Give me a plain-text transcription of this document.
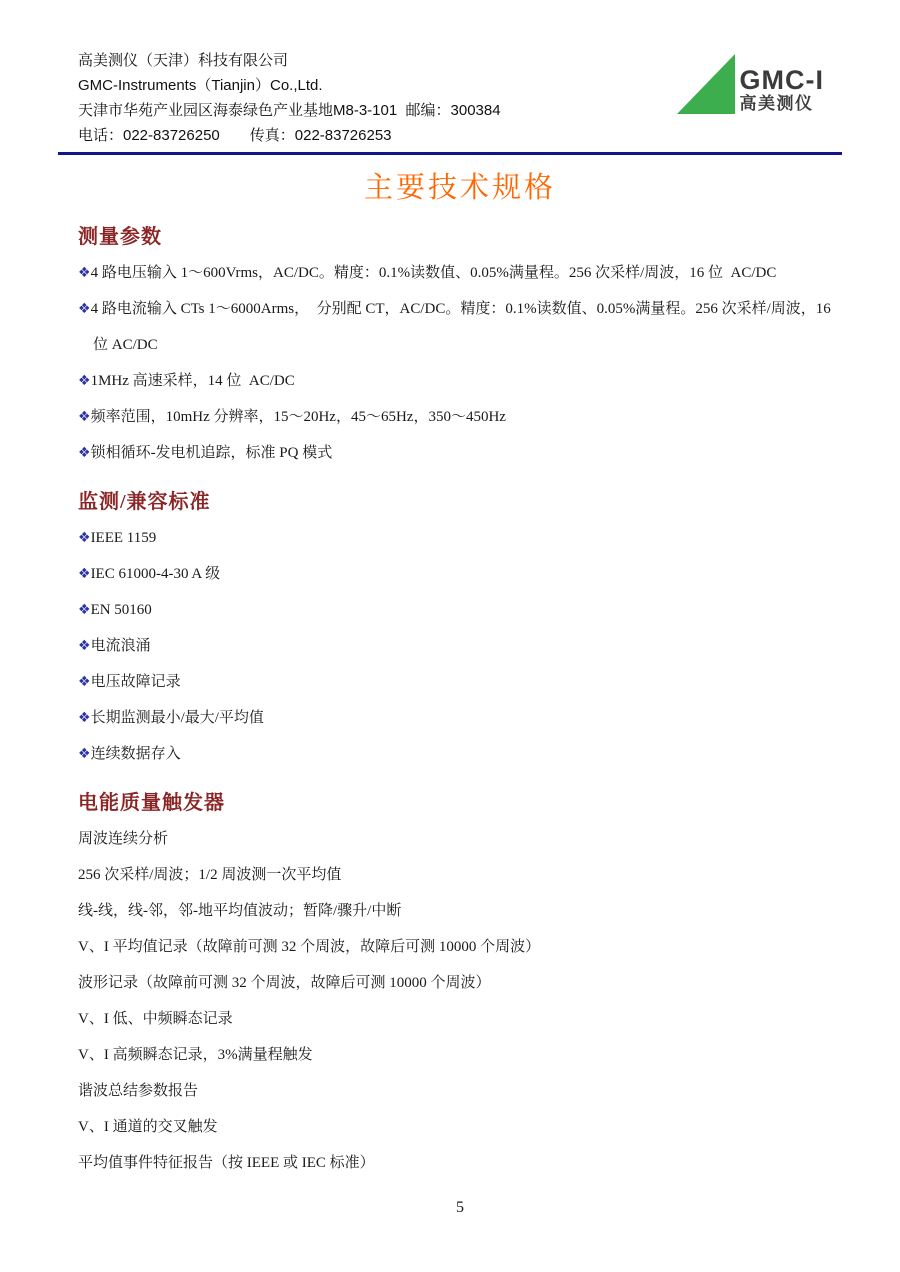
GMC-I
高美测仪
高美测仪（天津）科技有限公司
GMC-Instruments（Tianjin）Co.,Ltd.
天津市华苑产业园区海泰绿色产业基地M8-3-101  邮编：300384
电话：022-83726250　　传真：022-83726253
主要技术规格
测量参数
❖4 路电压输入 1～600Vrms，AC/DC。精度：0.1%读数值、0.05%满量程。256 次采样/周波，16 位  AC/DC
❖4 路电流输入 CTs 1～6000Arms，  分别配 CT，AC/DC。精度：0.1%读数值、0.05%满量程。256 次采样/周波，16 位 AC/DC
❖1MHz 高速采样，14 位  AC/DC
❖频率范围，10mHz 分辨率，15～20Hz，45～65Hz，350～450Hz
❖锁相循环-发电机追踪，标准 PQ 模式
监测/兼容标准
❖IEEE 1159
❖IEC 61000-4-30 A 级
❖EN 50160
❖电流浪涌
❖电压故障记录
❖长期监测最小/最大/平均值
❖连续数据存入
电能质量触发器
周波连续分析
256 次采样/周波；1/2 周波测一次平均值
线-线，线-邻，邻-地平均值波动；暂降/骤升/中断
V、I 平均值记录（故障前可测 32 个周波，故障后可测 10000 个周波）
波形记录（故障前可测 32 个周波，故障后可测 10000 个周波）
V、I 低、中频瞬态记录
V、I 高频瞬态记录，3%满量程触发
谐波总结参数报告
V、I 通道的交叉触发
平均值事件特征报告（按 IEEE 或 IEC 标准）
5
